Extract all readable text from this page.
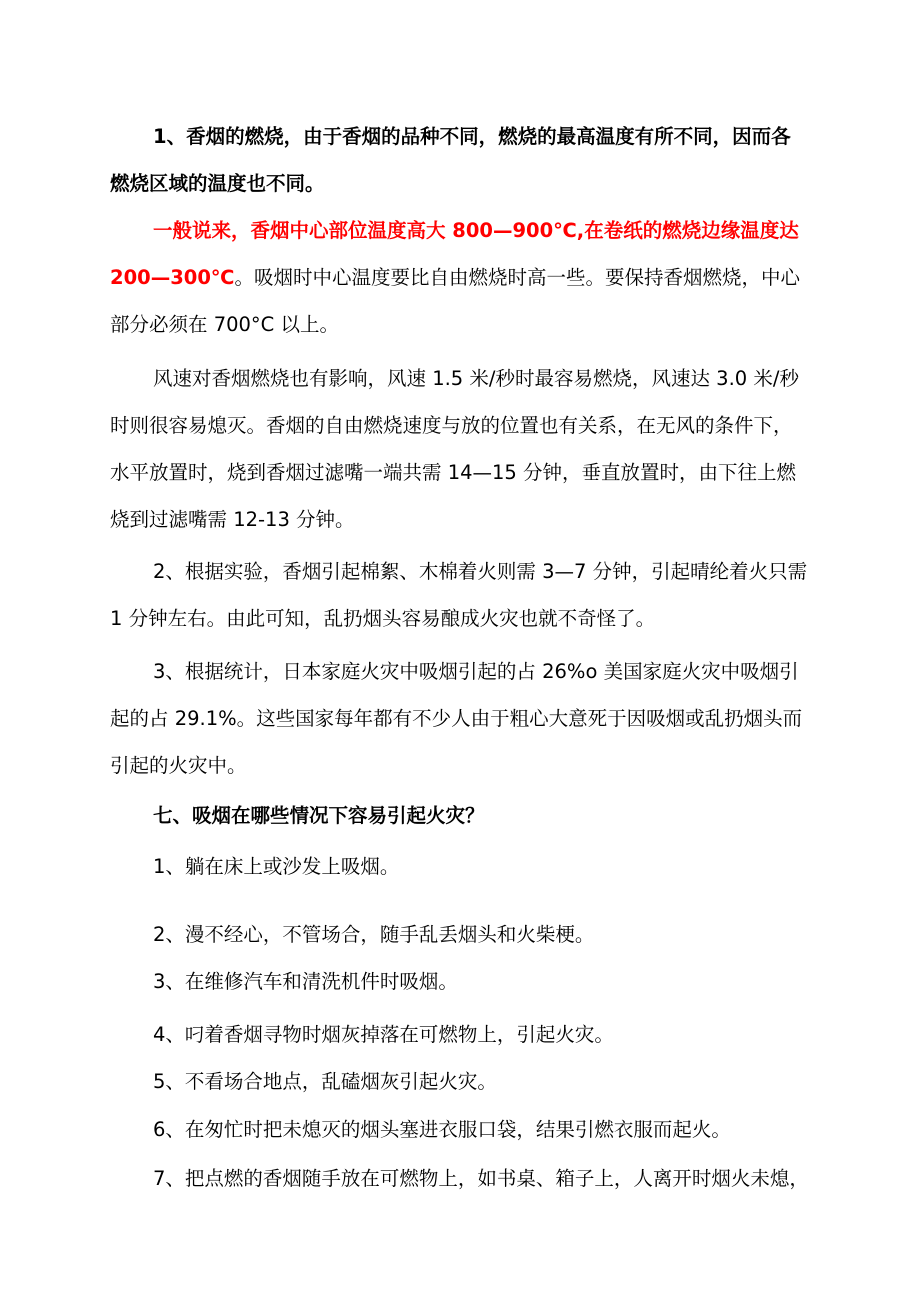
1、香烟的燃烧，由于香烟的品种不同，燃烧的最高温度有所不同，因而各
燃烧区域的温度也不同。
一般说来，香烟中心部位温度高大 800—900℃,在卷纸的燃烧边缘温度达
200—300℃。吸烟时中心温度要比自由燃烧时高一些。要保持香烟燃烧，中心
部分必须在 700°C 以上。
风速对香烟燃烧也有影响，风速 1.5 米/秒时最容易燃烧，风速达 3.0 米/秒
时则很容易熄灭。香烟的自由燃烧速度与放的位置也有关系，在无风的条件下，
水平放置时，烧到香烟过滤嘴一端共需 14—15 分钟，垂直放置时，由下往上燃
烧到过滤嘴需 12-13 分钟。
2、根据实验，香烟引起棉絮、木棉着火则需 3—7 分钟，引起晴纶着火只需
1 分钟左右。由此可知，乱扔烟头容易酿成火灾也就不奇怪了。
3、根据统计，日本家庭火灾中吸烟引起的占 26%o 美国家庭火灾中吸烟引
起的占 29.1%。这些国家每年都有不少人由于粗心大意死于因吸烟或乱扔烟头而
引起的火灾中。
七、吸烟在哪些情况下容易引起火灾？
1、躺在床上或沙发上吸烟。
2、漫不经心，不管场合，随手乱丢烟头和火柴梗。
3、在维修汽车和清洗机件时吸烟。
4、叼着香烟寻物时烟灰掉落在可燃物上，引起火灾。
5、不看场合地点，乱磕烟灰引起火灾。
6、在匆忙时把未熄灭的烟头塞进衣服口袋，结果引燃衣服而起火。
7、把点燃的香烟随手放在可燃物上，如书桌、箱子上，人离开时烟火未熄，
